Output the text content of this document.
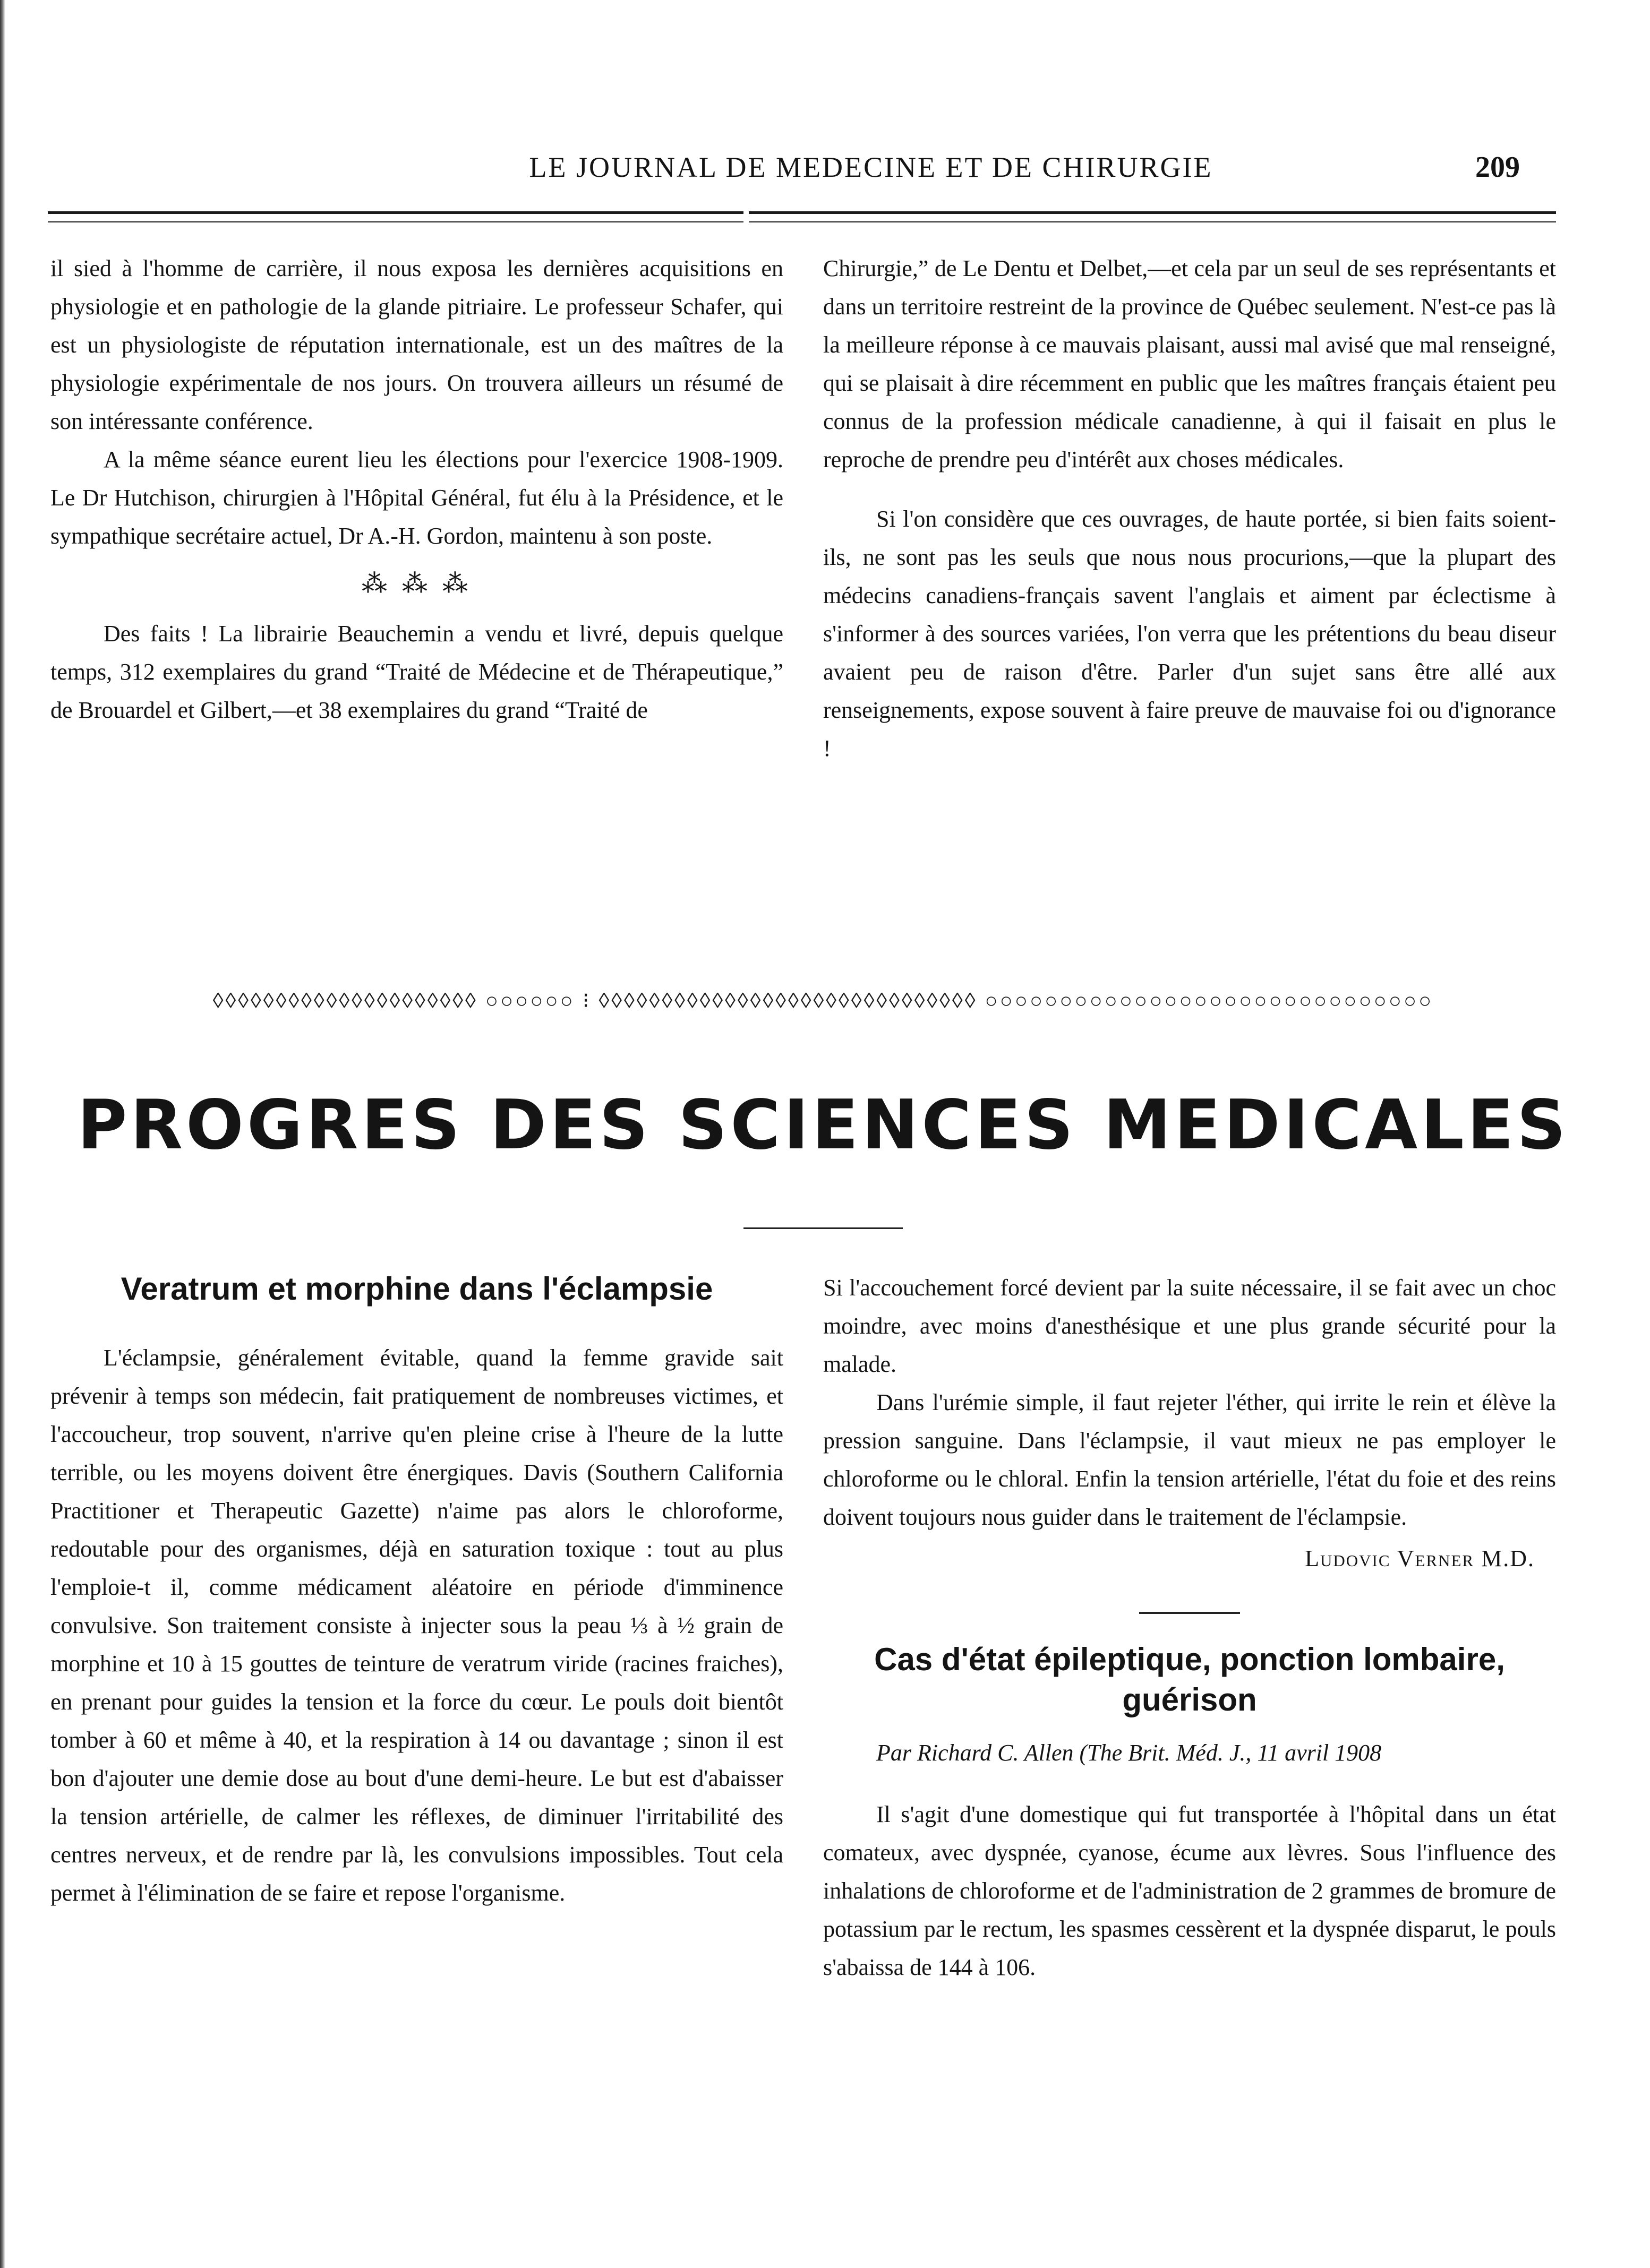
LE JOURNAL DE MEDECINE ET DE CHIRURGIE	209

il sied à l'homme de carrière, il nous exposa les dernières acquisitions en physiologie et en pathologie de la glande pitriaire. Le professeur Schafer, qui est un physiologiste de réputation internationale, est un des maîtres de la physiologie expérimentale de nos jours. On trouvera ailleurs un résumé de son intéressante conférence.

A la même séance eurent lieu les élections pour l'exercice 1908-1909. Le Dr Hutchison, chirurgien à l'Hôpital Général, fut élu à la Présidence, et le sympathique secrétaire actuel, Dr A.-H. Gordon, maintenu à son poste.

⁂ ⁂ ⁂

Des faits ! La librairie Beauchemin a vendu et livré, depuis quelque temps, 312 exemplaires du grand “Traité de Médecine et de Thérapeutique,” de Brouardel et Gilbert,—et 38 exemplaires du grand “Traité de

Chirurgie,” de Le Dentu et Delbet,—et cela par un seul de ses représentants et dans un territoire restreint de la province de Québec seulement. N'est-ce pas là la meilleure réponse à ce mauvais plaisant, aussi mal avisé que mal renseigné, qui se plaisait à dire récemment en public que les maîtres français étaient peu connus de la profession médicale canadienne, à qui il faisait en plus le reproche de prendre peu d'intérêt aux choses médicales.

Si l'on considère que ces ouvrages, de haute portée, si bien faits soient-ils, ne sont pas les seuls que nous nous procurions,—que la plupart des médecins canadiens-français savent l'anglais et aiment par éclectisme à s'informer à des sources variées, l'on verra que les prétentions du beau diseur avaient peu de raison d'être. Parler d'un sujet sans être allé aux renseignements, expose souvent à faire preuve de mauvaise foi ou d'ignorance !

◊◊◊◊◊◊◊◊◊◊◊◊◊◊◊◊◊◊◊◊◊ ○○○○○○ ⁝ ◊◊◊◊◊◊◊◊◊◊◊◊◊◊◊◊◊◊◊◊◊◊◊◊◊◊◊◊◊◊ ○○○○○○○○○○○○○○○○○○○○○○○○○○○○○○
PROGRES DES SCIENCES MEDICALES
Veratrum et morphine dans l'éclampsie

L'éclampsie, généralement évitable, quand la femme gravide sait prévenir à temps son médecin, fait pratiquement de nombreuses victimes, et l'accoucheur, trop souvent, n'arrive qu'en pleine crise à l'heure de la lutte terrible, ou les moyens doivent être énergiques. Davis (Southern California Practitioner et Therapeutic Gazette) n'aime pas alors le chloroforme, redoutable pour des organismes, déjà en saturation toxique : tout au plus l'emploie-t il, comme médicament aléatoire en période d'imminence convulsive. Son traitement consiste à injecter sous la peau ⅓ à ½ grain de morphine et 10 à 15 gouttes de teinture de veratrum viride (racines fraiches), en prenant pour guides la tension et la force du cœur. Le pouls doit bientôt tomber à 60 et même à 40, et la respiration à 14 ou davantage ; sinon il est bon d'ajouter une demie dose au bout d'une demi-heure. Le but est d'abaisser la tension artérielle, de calmer les réflexes, de diminuer l'irritabilité des centres nerveux, et de rendre par là, les convulsions impossibles. Tout cela permet à l'élimination de se faire et repose l'organisme.

Si l'accouchement forcé devient par la suite nécessaire, il se fait avec un choc moindre, avec moins d'anesthésique et une plus grande sécurité pour la malade.

Dans l'urémie simple, il faut rejeter l'éther, qui irrite le rein et élève la pression sanguine. Dans l'éclampsie, il vaut mieux ne pas employer le chloroforme ou le chloral. Enfin la tension artérielle, l'état du foie et des reins doivent toujours nous guider dans le traitement de l'éclampsie.

Ludovic Verner M.D.
Cas d'état épileptique, ponction lombaire, guérison

Par Richard C. Allen (The Brit. Méd. J., 11 avril 1908

Il s'agit d'une domestique qui fut transportée à l'hôpital dans un état comateux, avec dyspnée, cyanose, écume aux lèvres. Sous l'influence des inhalations de chloroforme et de l'administration de 2 grammes de bromure de potassium par le rectum, les spasmes cessèrent et la dyspnée disparut, le pouls s'abaissa de 144 à 106.
